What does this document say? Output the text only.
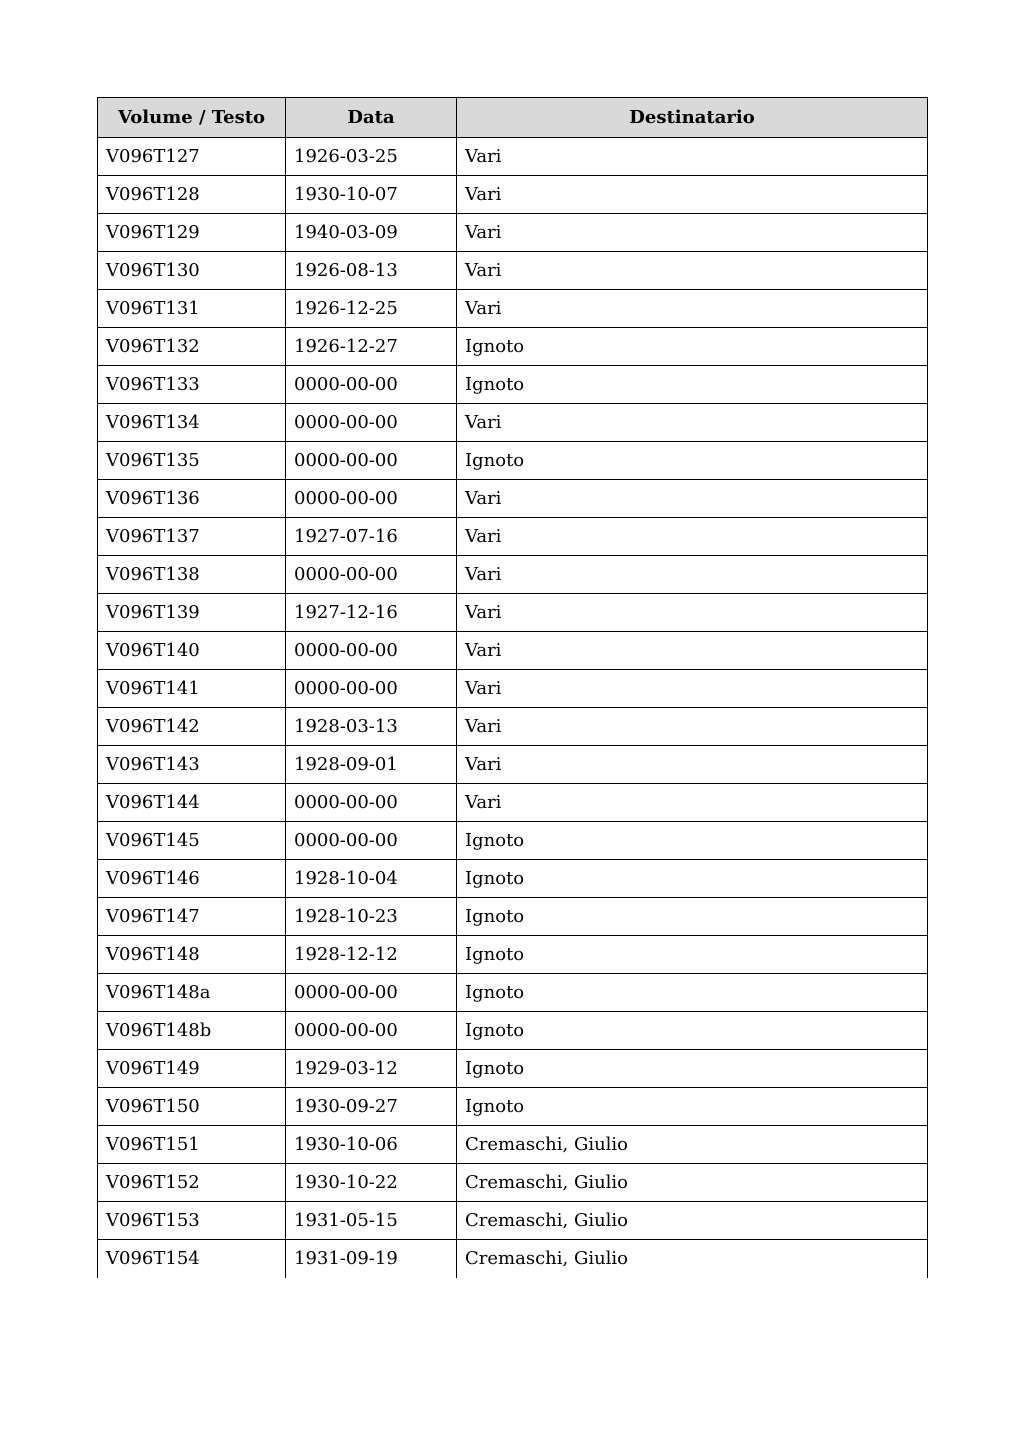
Volume / Testo	Data	Destinatario
V096T127	1926-03-25	Vari
V096T128	1930-10-07	Vari
V096T129	1940-03-09	Vari
V096T130	1926-08-13	Vari
V096T131	1926-12-25	Vari
V096T132	1926-12-27	Ignoto
V096T133	0000-00-00	Ignoto
V096T134	0000-00-00	Vari
V096T135	0000-00-00	Ignoto
V096T136	0000-00-00	Vari
V096T137	1927-07-16	Vari
V096T138	0000-00-00	Vari
V096T139	1927-12-16	Vari
V096T140	0000-00-00	Vari
V096T141	0000-00-00	Vari
V096T142	1928-03-13	Vari
V096T143	1928-09-01	Vari
V096T144	0000-00-00	Vari
V096T145	0000-00-00	Ignoto
V096T146	1928-10-04	Ignoto
V096T147	1928-10-23	Ignoto
V096T148	1928-12-12	Ignoto
V096T148a	0000-00-00	Ignoto
V096T148b	0000-00-00	Ignoto
V096T149	1929-03-12	Ignoto
V096T150	1930-09-27	Ignoto
V096T151	1930-10-06	Cremaschi, Giulio
V096T152	1930-10-22	Cremaschi, Giulio
V096T153	1931-05-15	Cremaschi, Giulio
V096T154	1931-09-19	Cremaschi, Giulio
